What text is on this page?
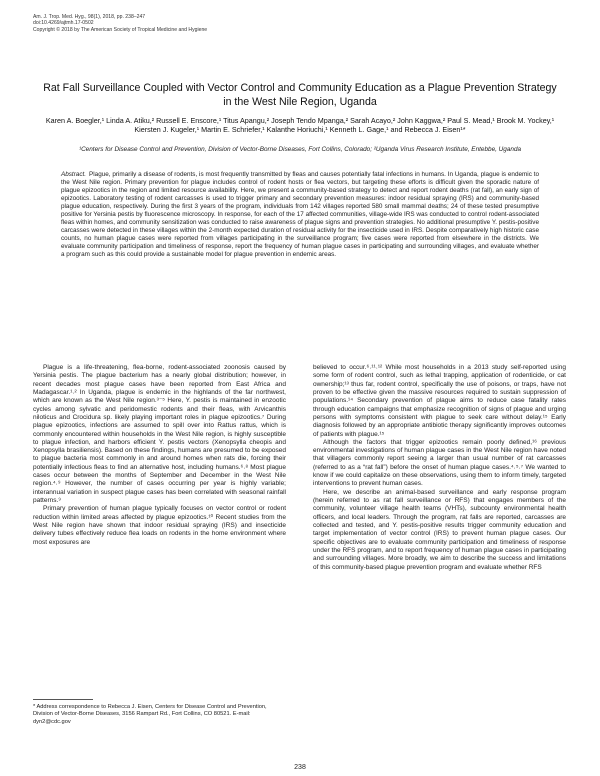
Am. J. Trop. Med. Hyg., 98(1), 2018, pp. 238–247
doi:10.4269/ajtmh.17-0502
Copyright © 2018 by The American Society of Tropical Medicine and Hygiene
Rat Fall Surveillance Coupled with Vector Control and Community Education as a Plague Prevention Strategy in the West Nile Region, Uganda
Karen A. Boegler,¹ Linda A. Atiku,² Russell E. Enscore,¹ Titus Apangu,² Joseph Tendo Mpanga,² Sarah Acayo,² John Kaggwa,² Paul S. Mead,¹ Brook M. Yockey,¹ Kiersten J. Kugeler,¹ Martin E. Schriefer,¹ Kalanthe Horiuchi,¹ Kenneth L. Gage,¹ and Rebecca J. Eisen¹*
¹Centers for Disease Control and Prevention, Division of Vector-Borne Diseases, Fort Collins, Colorado; ²Uganda Virus Research Institute, Entebbe, Uganda
Abstract. Plague, primarily a disease of rodents, is most frequently transmitted by fleas and causes potentially fatal infections in humans. In Uganda, plague is endemic to the West Nile region. Primary prevention for plague includes control of rodent hosts or flea vectors, but targeting these efforts is difficult given the sporadic nature of plague epizootics in the region and limited resource availability. Here, we present a community-based strategy to detect and report rodent deaths (rat fall), an early sign of epizootics. Laboratory testing of rodent carcasses is used to trigger primary and secondary prevention measures: indoor residual spraying (IRS) and community-based plague education, respectively. During the first 3 years of the program, individuals from 142 villages reported 580 small mammal deaths; 24 of these tested presumptive positive for Yersinia pestis by fluorescence microscopy. In response, for each of the 17 affected communities, village-wide IRS was conducted to control rodent-associated fleas within homes, and community sensitization was conducted to raise awareness of plague signs and prevention strategies. No additional presumptive Y. pestis-positive carcasses were detected in these villages within the 2-month expected duration of residual activity for the insecticide used in IRS. Despite comparatively high historic case counts, no human plague cases were reported from villages participating in the surveillance program; five cases were reported from elsewhere in the districts. We evaluate community participation and timeliness of response, report the frequency of human plague cases in participating and surrounding villages, and evaluate whether a program such as this could provide a sustainable model for plague prevention in endemic areas.

Plague is a life-threatening, flea-borne, rodent-associated zoonosis caused by Yersinia pestis. The plague bacterium has a nearly global distribution; however, in recent decades most plague cases have been reported from East Africa and Madagascar.¹˒² In Uganda, plague is endemic in the highlands of the far northwest, which are known as the West Nile region.³⁻⁵ Here, Y. pestis is maintained in enzootic cycles among sylvatic and peridomestic rodents and their fleas, with Arvicanthis niloticus and Crocidura sp. likely playing important roles in plague epizootics.⁷ During plague epizootics, infections are assumed to spill over into Rattus rattus, which is commonly encountered within households in the West Nile region, is highly susceptible to plague infection, and harbors efficient Y. pestis vectors (Xenopsylla cheopis and Xenopsylla brasiliensis). Based on these findings, humans are presumed to be exposed to plague bacteria most commonly in and around homes when rats die, forcing their potentially infectious fleas to find an alternative host, including humans.⁶˒⁸ Most plague cases occur between the months of September and December in the West Nile region.⁴˒⁹ However, the number of cases occurring per year is highly variable; interannual variation in suspect plague cases has been correlated with seasonal rainfall patterns.⁹

Primary prevention of human plague typically focuses on vector control or rodent reduction within limited areas affected by plague epizootics.¹⁰ Recent studies from the West Nile region have shown that indoor residual spraying (IRS) and insecticide delivery tubes effectively reduce flea loads on rodents in the home environment where most exposures are

believed to occur.⁶˒¹¹˒¹² While most households in a 2013 study self-reported using some form of rodent control, such as lethal trapping, application of rodenticide, or cat ownership;¹³ thus far, rodent control, specifically the use of poisons, or traps, have not proven to be effective given the massive resources required to sustain suppression of populations.¹⁴ Secondary prevention of plague aims to reduce case fatality rates through education campaigns that emphasize recognition of signs of plague and urging persons with symptoms consistent with plague to seek care without delay.¹⁵ Early diagnosis followed by an appropriate antibiotic therapy significantly improves outcomes of patients with plague.¹⁵

Although the factors that trigger epizootics remain poorly defined,¹⁶ previous environmental investigations of human plague cases in the West Nile region have noted that villagers commonly report seeing a larger than usual number of rat carcasses (referred to as a “rat fall”) before the onset of human plague cases.⁴˒⁵˒⁷ We wanted to know if we could capitalize on these observations, using them to inform timely, targeted interventions to prevent human cases.

Here, we describe an animal-based surveillance and early response program (herein referred to as rat fall surveillance or RFS) that engages members of the community, volunteer village health teams (VHTs), subcounty environmental health officers, and local leaders. Through the program, rat falls are reported, carcasses are collected and tested, and Y. pestis-positive results trigger community education and target implementation of vector control (IRS) to prevent human plague cases. Our specific objectives are to evaluate community participation and timeliness of response under the RFS program, and to report frequency of human plague cases in participating and surrounding villages. More broadly, we aim to describe the success and limitations of this community-based plague prevention program and evaluate whether RFS

* Address correspondence to Rebecca J. Eisen, Centers for Disease Control and Prevention, Division of Vector-Borne Diseases, 3156 Rampart Rd., Fort Collins, CO 80521. E-mail: dyn2@cdc.gov
238
